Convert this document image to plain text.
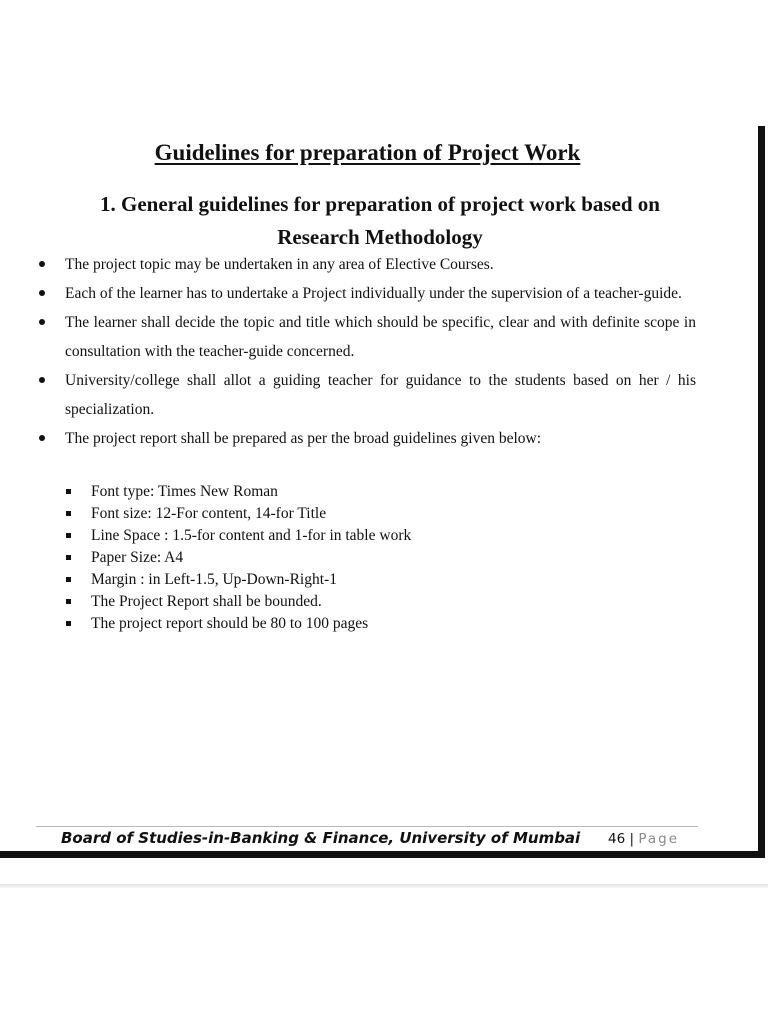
Guidelines for preparation of Project Work
1. General guidelines for preparation of project work based on Research Methodology
The project topic may be undertaken in any area of Elective Courses.
Each of the learner has to undertake a Project individually under the supervision of a teacher-guide.
The learner shall decide the topic and title which should be specific, clear and with definite scope in consultation with the teacher-guide concerned.
University/college shall allot a guiding teacher for guidance to the students based on her / his specialization.
The project report shall be prepared as per the broad guidelines given below:
Font type: Times New Roman
Font size: 12-For content, 14-for Title
Line Space : 1.5-for content and 1-for in table work
Paper Size: A4
Margin : in Left-1.5, Up-Down-Right-1
The Project Report shall be bounded.
The project report should be 80 to 100 pages
Board of Studies-in-Banking & Finance, University of Mumbai 46 | Page
